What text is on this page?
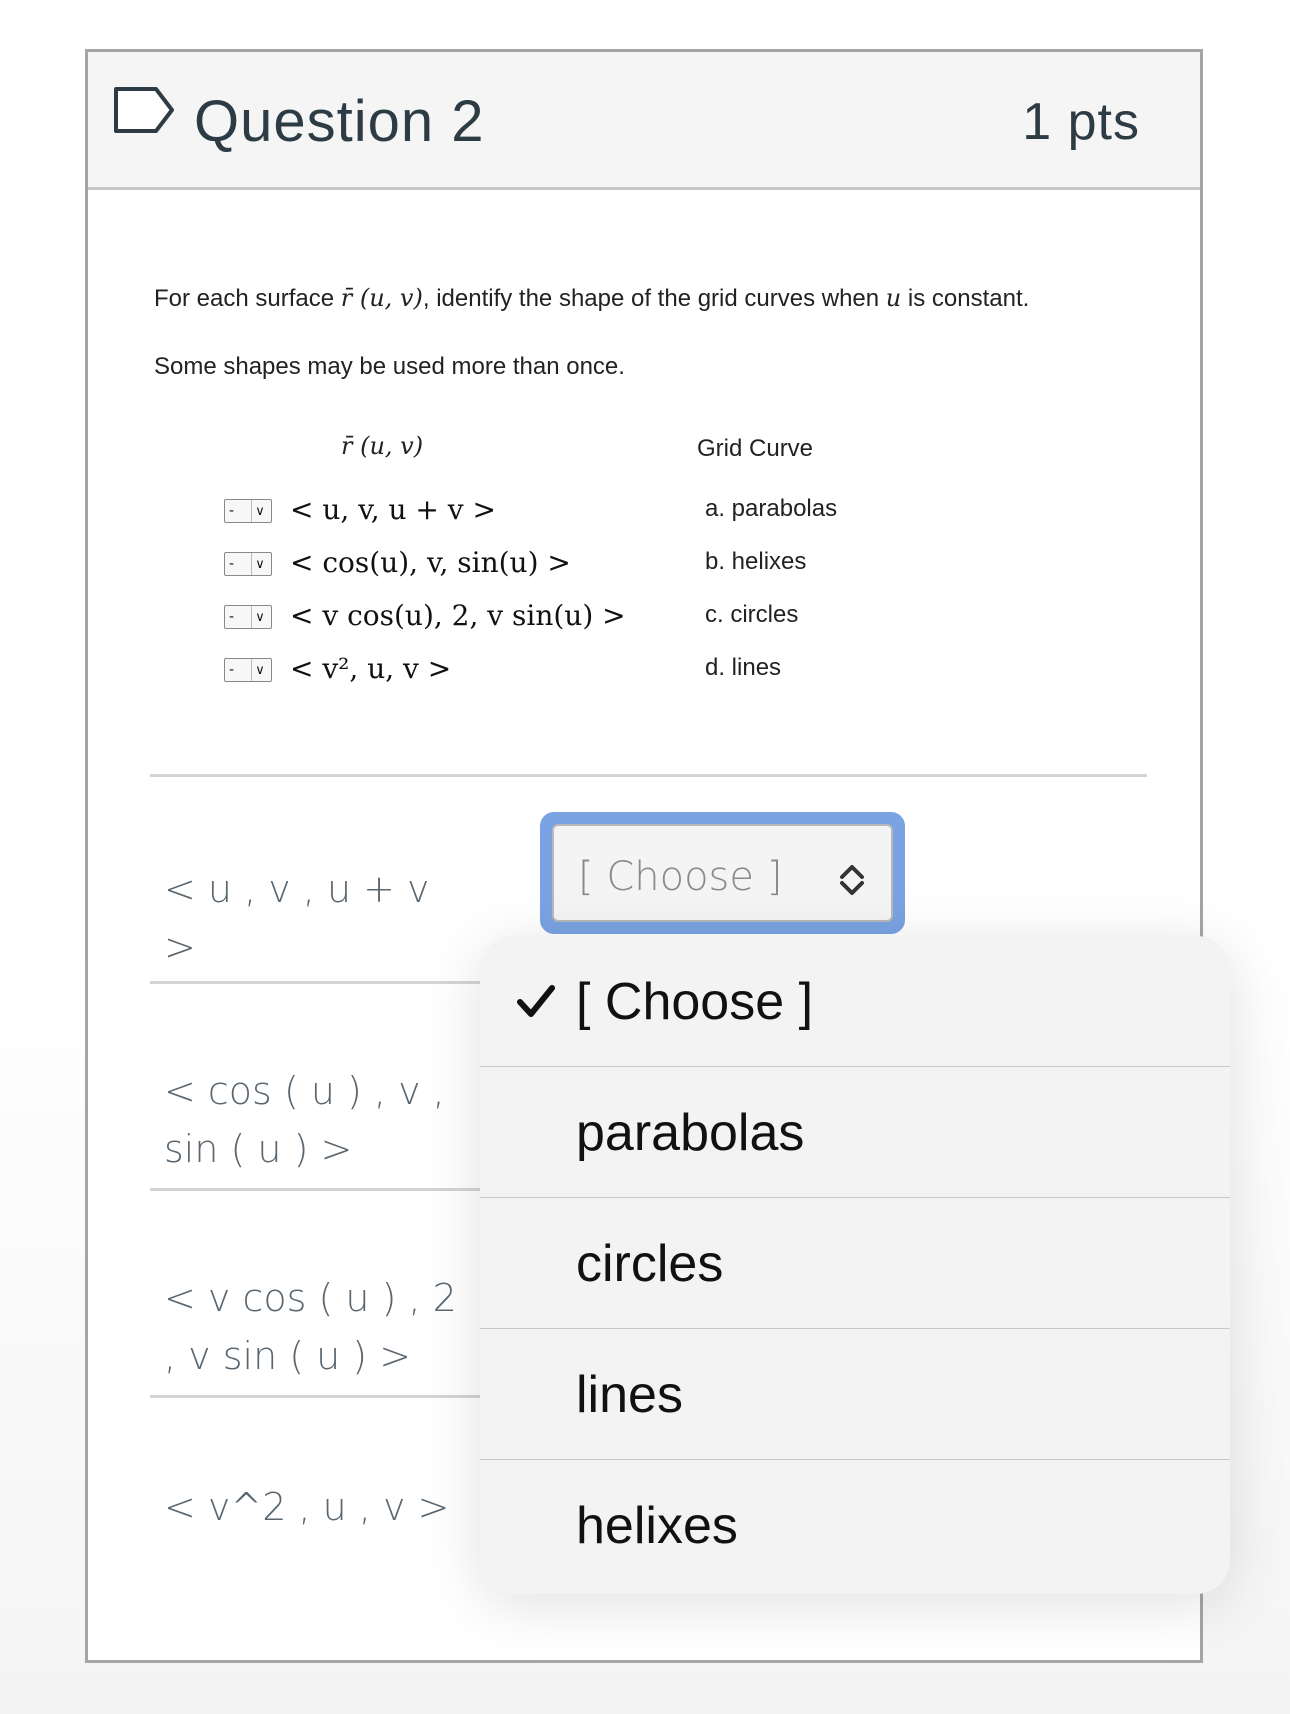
Question 2	1 pts
For each surface r̄ (u, v), identify the shape of the grid curves when u is constant.
Some shapes may be used more than once.
r̄ (u, v)	Grid Curve
-	∨ < u, v, u + v >	a. parabolas
-	∨ < cos(u), v, sin(u) >	b. helixes
-	∨ < v cos(u), 2, v sin(u) >	c. circles
-	∨ < v², u, v >	d. lines
< u , v , u + v >
< cos ( u ) , v , sin ( u ) >
< v cos ( u ) , 2 , v sin ( u ) >
< v^2 , u , v >
[ Choose ]
[ Choose ]
parabolas
circles
lines
helixes
